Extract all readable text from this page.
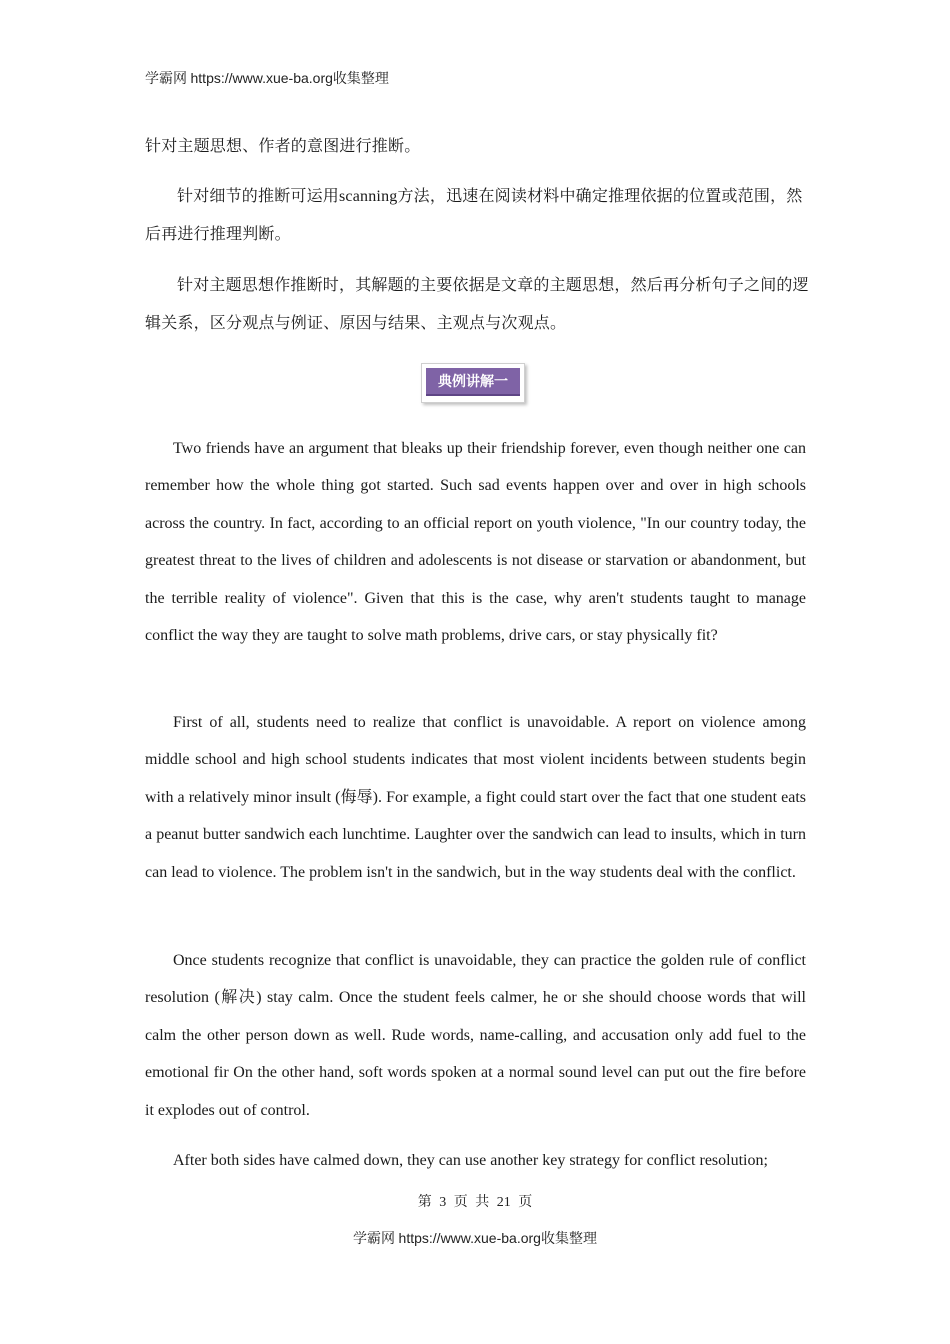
学霸网 https://www.xue-ba.org收集整理
针对主题思想、作者的意图进行推断。
针对细节的推断可运用scanning方法，迅速在阅读材料中确定推理依据的位置或范围，然后再进行推理判断。
针对主题思想作推断时，其解题的主要依据是文章的主题思想，然后再分析句子之间的逻辑关系，区分观点与例证、原因与结果、主观点与次观点。
典例讲解一
Two friends have an argument that bleaks up their friendship forever, even though neither one can remember how the whole thing got started. Such sad events happen over and over in high schools across the country. In fact, according to an official report on youth violence, "In our country today, the greatest threat to the lives of children and adolescents is not disease or starvation or abandonment, but the terrible reality of violence". Given that this is the case, why aren't students taught to manage conflict the way they are taught to solve math problems, drive cars, or stay physically fit?
First of all, students need to realize that conflict is unavoidable. A report on violence among middle school and high school students indicates that most violent incidents between students begin with a relatively minor insult (侮辱). For example, a fight could start over the fact that one student eats a peanut butter sandwich each lunchtime. Laughter over the sandwich can lead to insults, which in turn can lead to violence. The problem isn't in the sandwich, but in the way students deal with the conflict.
Once students recognize that conflict is unavoidable, they can practice the golden rule of conflict resolution (解决) stay calm. Once the student feels calmer, he or she should choose words that will calm the other person down as well. Rude words, name-calling, and accusation only add fuel to the emotional fir On the other hand, soft words spoken at a normal sound level can put out the fire before it explodes out of control.
After both sides have calmed down, they can use another key strategy for conflict resolution;
第 3 页 共 21 页
学霸网 https://www.xue-ba.org收集整理
